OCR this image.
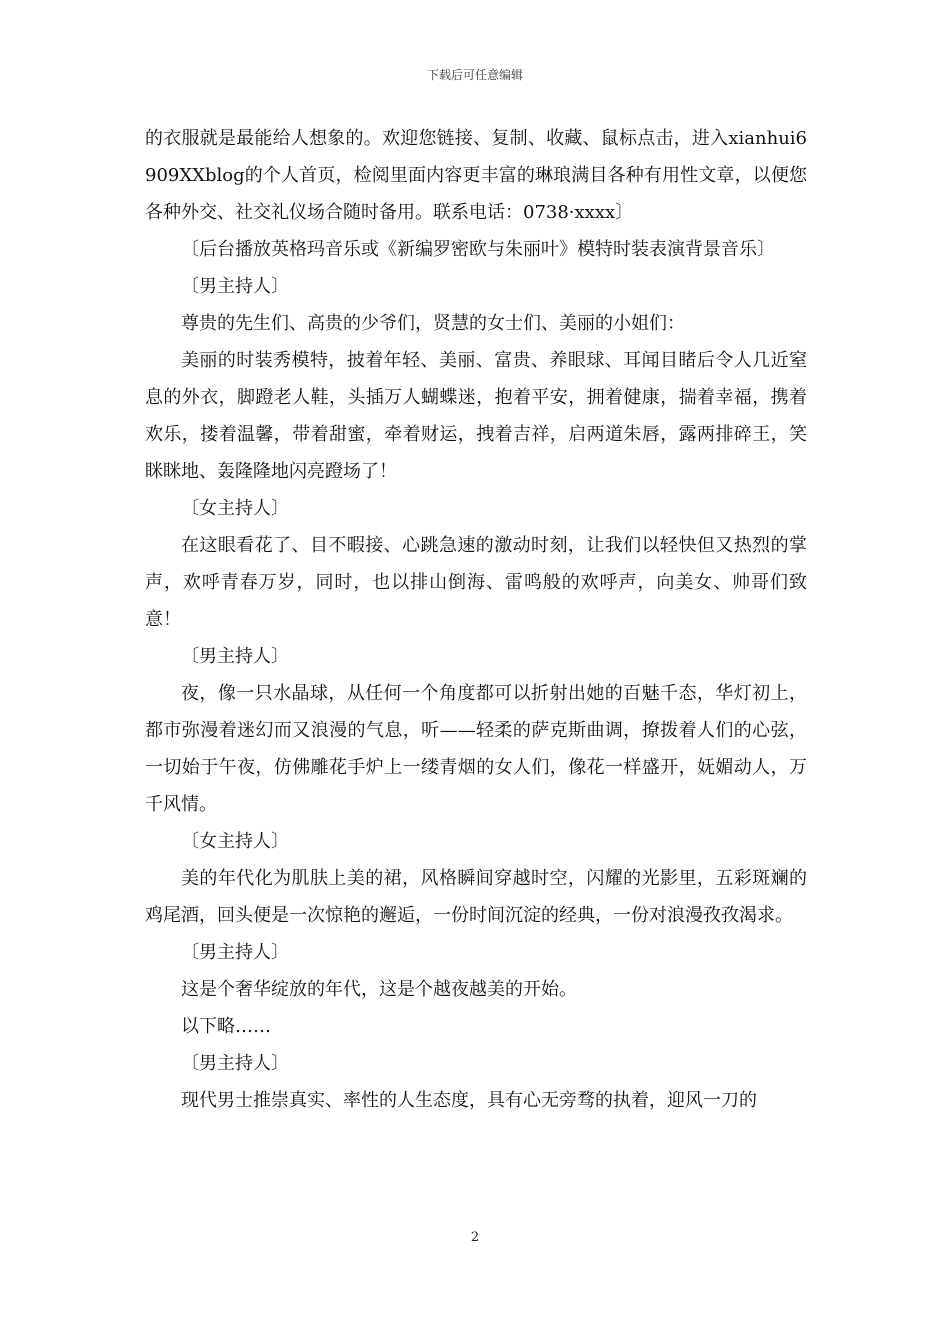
下载后可任意编辑

的衣服就是最能给人想象的。欢迎您链接、复制、收藏、鼠标点击，进入xianhui6909XXblog的个人首页，检阅里面内容更丰富的琳琅满目各种有用性文章，以便您各种外交、社交礼仪场合随时备用。联系电话：0738·xxxx〕

〔后台播放英格玛音乐或《新编罗密欧与朱丽叶》模特时装表演背景音乐〕

〔男主持人〕

尊贵的先生们、高贵的少爷们，贤慧的女士们、美丽的小姐们：

美丽的时装秀模特，披着年轻、美丽、富贵、养眼球、耳闻目睹后令人几近窒息的外衣，脚蹬老人鞋，头插万人蝴蝶迷，抱着平安，拥着健康，揣着幸福，携着欢乐，搂着温馨，带着甜蜜，牵着财运，拽着吉祥，启两道朱唇，露两排碎王，笑眯眯地、轰隆隆地闪亮蹬场了！

〔女主持人〕

在这眼看花了、目不暇接、心跳急速的激动时刻，让我们以轻快但又热烈的掌声，欢呼青春万岁，同时，也以排山倒海、雷鸣般的欢呼声，向美女、帅哥们致意！

〔男主持人〕

夜，像一只水晶球，从任何一个角度都可以折射出她的百魅千态，华灯初上，都市弥漫着迷幻而又浪漫的气息，听——轻柔的萨克斯曲调，撩拨着人们的心弦，一切始于午夜，仿佛雕花手炉上一缕青烟的女人们，像花一样盛开，妩媚动人，万千风情。

〔女主持人〕

美的年代化为肌肤上美的裙，风格瞬间穿越时空，闪耀的光影里，五彩斑斓的鸡尾酒，回头便是一次惊艳的邂逅，一份时间沉淀的经典，一份对浪漫孜孜渴求。

〔男主持人〕

这是个奢华绽放的年代，这是个越夜越美的开始。

以下略……

〔男主持人〕

现代男士推崇真实、率性的人生态度，具有心无旁骛的执着，迎风一刀的

2
